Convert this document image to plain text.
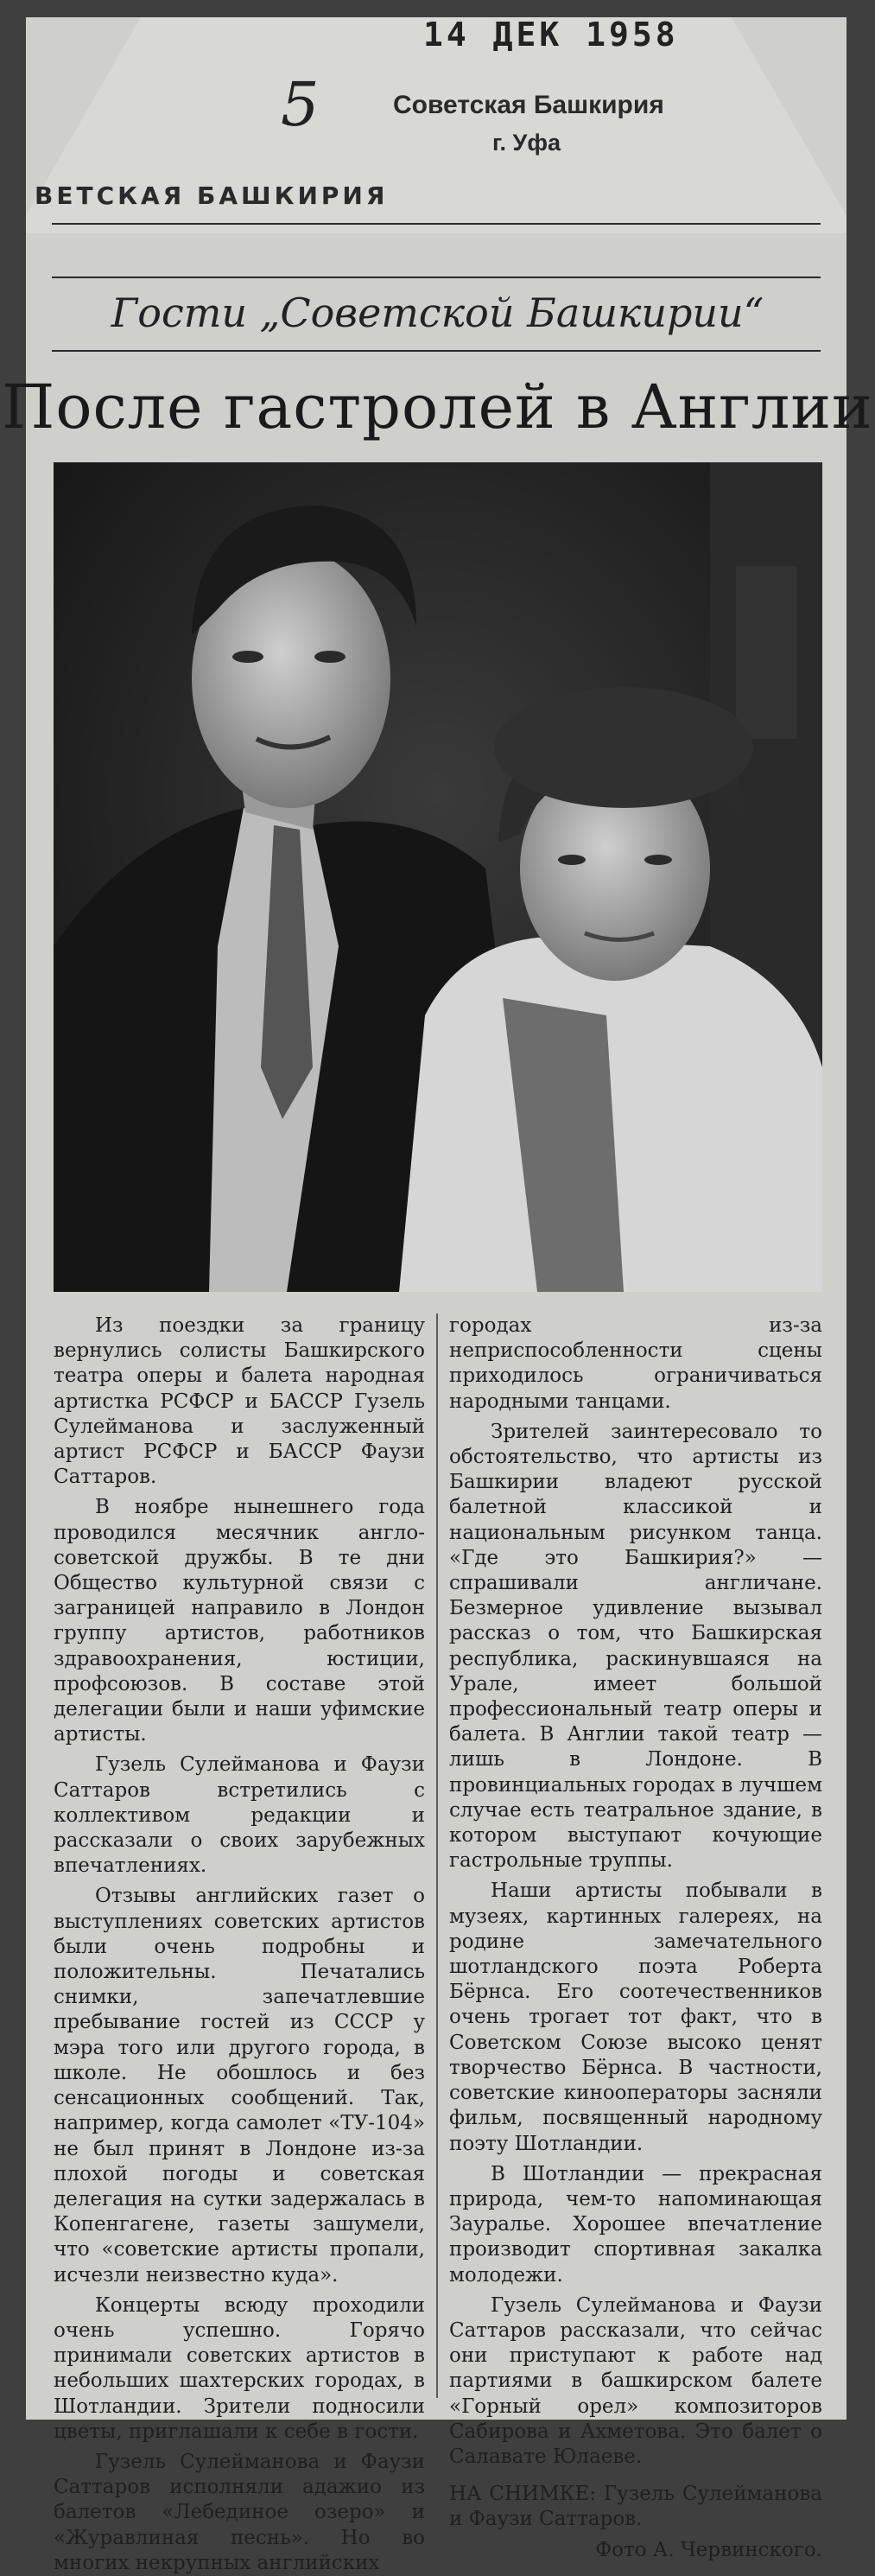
14 ДЕК 1958
5	Советская Башкирия
г. Уфа
ВЕТСКАЯ БАШКИРИЯ
Гости „Советской Башкирии“
После гастролей в Англии

Из поездки за границу вернулись солисты Башкирского театра оперы и балета народная артистка РСФСР и БАССР Гузель Сулейманова и заслуженный артист РСФСР и БАССР Фаузи Саттаров.

В ноябре нынешнего года проводился месячник англо-советской дружбы. В те дни Общество культурной связи с заграницей направило в Лондон группу артистов, работников здравоохранения, юстиции, профсоюзов. В составе этой делегации были и наши уфимские артисты.

Гузель Сулейманова и Фаузи Саттаров встретились с коллективом редакции и рассказали о своих зарубежных впечатлениях.

Отзывы английских газет о выступлениях советских артистов были очень подробны и положительны. Печатались снимки, запечатлевшие пребывание гостей из СССР у мэра того или другого города, в школе. Не обошлось и без сенсационных сообщений. Так, например, когда самолет «ТУ-104» не был принят в Лондоне из-за плохой погоды и советская делегация на сутки задержалась в Копенгагене, газеты зашумели, что «советские артисты пропали, исчезли неизвестно куда».

Концерты всюду проходили очень успешно. Горячо принимали советских артистов в небольших шахтерских городах, в Шотландии. Зрители подносили цветы, приглашали к себе в гости.

Гузель Сулейманова и Фаузи Саттаров исполняли адажио из балетов «Лебединое озеро» и «Журавлиная песнь». Но во многих некрупных английских

городах из-за неприспособленности сцены приходилось ограничиваться народными танцами.

Зрителей заинтересовало то обстоятельство, что артисты из Башкирии владеют русской балетной классикой и национальным рисунком танца. «Где это Башкирия?» — спрашивали англичане. Безмерное удивление вызывал рассказ о том, что Башкирская республика, раскинувшаяся на Урале, имеет большой профессиональный театр оперы и балета. В Англии такой театр — лишь в Лондоне. В провинциальных городах в лучшем случае есть театральное здание, в котором выступают кочующие гастрольные труппы.

Наши артисты побывали в музеях, картинных галереях, на родине замечательного шотландского поэта Роберта Бёрнса. Его соотечественников очень трогает тот факт, что в Советском Союзе высоко ценят творчество Бёрнса. В частности, советские кинооператоры засняли фильм, посвященный народному поэту Шотландии.

В Шотландии — прекрасная природа, чем-то напоминающая Зауралье. Хорошее впечатление производит спортивная закалка молодежи.

Гузель Сулейманова и Фаузи Саттаров рассказали, что сейчас они приступают к работе над партиями в башкирском балете «Горный орел» композиторов Сабирова и Ахметова. Это балет о Салавате Юлаеве.

НА СНИМКЕ: Гузель Сулейманова и Фаузи Саттаров.

Фото А. Червинского.
